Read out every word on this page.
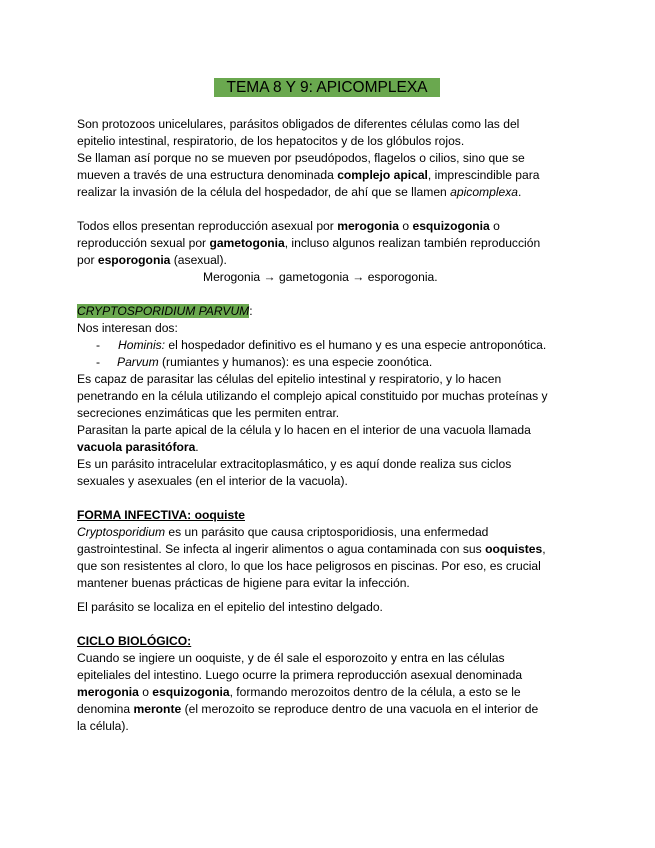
TEMA 8 Y 9: APICOMPLEXA
Son protozoos unicelulares, parásitos obligados de diferentes células como las del
epitelio intestinal, respiratorio, de los hepatocitos y de los glóbulos rojos.
Se llaman así porque no se mueven por pseudópodos, flagelos o cilios, sino que se
mueven a través de una estructura denominada complejo apical, imprescindible para
realizar la invasión de la célula del hospedador, de ahí que se llamen apicomplexa.
Todos ellos presentan reproducción asexual por merogonia o esquizogonia o
reproducción sexual por gametogonia, incluso algunos realizan también reproducción
por esporogonia (asexual).
Merogonia → gametogonia → esporogonia.
CRYPTOSPORIDIUM PARVUM:
Nos interesan dos:
- Hominis: el hospedador definitivo es el humano y es una especie antroponótica.
- Parvum (rumiantes y humanos): es una especie zoonótica.
Es capaz de parasitar las células del epitelio intestinal y respiratorio, y lo hacen
penetrando en la célula utilizando el complejo apical constituido por muchas proteínas y
secreciones enzimáticas que les permiten entrar.
Parasitan la parte apical de la célula y lo hacen en el interior de una vacuola llamada
vacuola parasitófora.
Es un parásito intracelular extracitoplasmático, y es aquí donde realiza sus ciclos
sexuales y asexuales (en el interior de la vacuola).
FORMA INFECTIVA: ooquiste
Cryptosporidium es un parásito que causa criptosporidiosis, una enfermedad
gastrointestinal. Se infecta al ingerir alimentos o agua contaminada con sus ooquistes,
que son resistentes al cloro, lo que los hace peligrosos en piscinas. Por eso, es crucial
mantener buenas prácticas de higiene para evitar la infección.
El parásito se localiza en el epitelio del intestino delgado.
CICLO BIOLÓGICO:
Cuando se ingiere un ooquiste, y de él sale el esporozoito y entra en las células
epiteliales del intestino. Luego ocurre la primera reproducción asexual denominada
merogonia o esquizogonia, formando merozoitos dentro de la célula, a esto se le
denomina meronte (el merozoito se reproduce dentro de una vacuola en el interior de
la célula).
